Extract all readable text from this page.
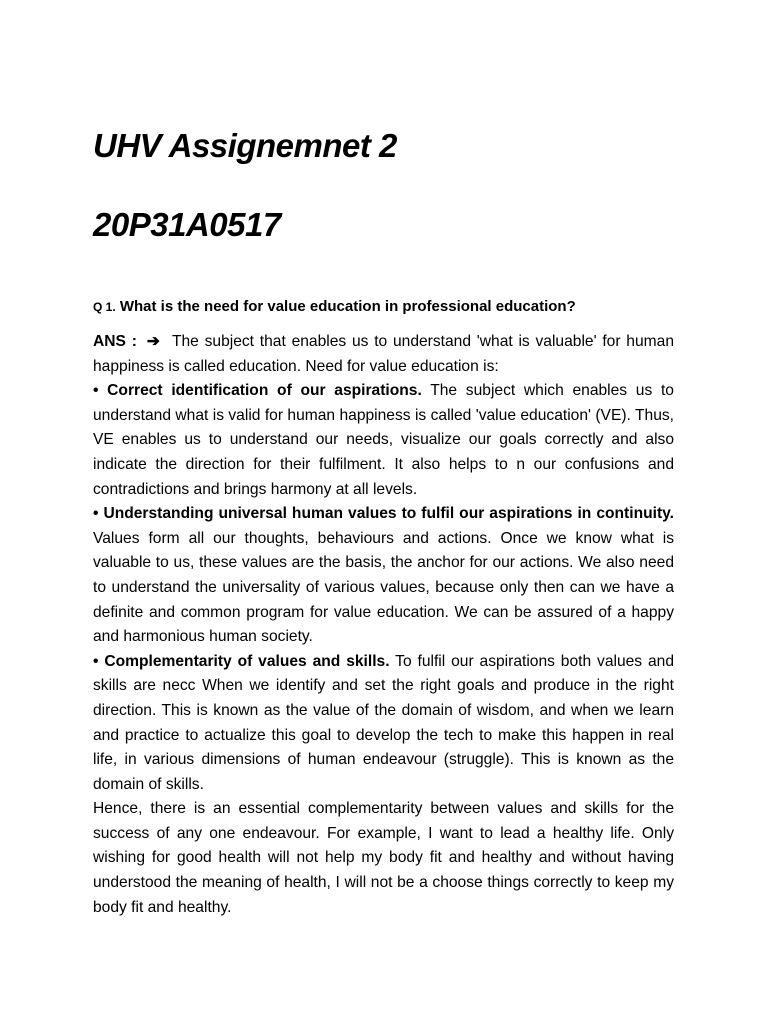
UHV Assignemnet 2
20P31A0517

Q 1. What is the need for value education in professional education?

ANS : ➔ The subject that enables us to understand 'what is valuable' for human happiness is called education. Need for value education is:

• Correct identification of our aspirations. The subject which enables us to understand what is valid for human happiness is called 'value education' (VE). Thus, VE enables us to understand our needs, visualize our goals correctly and also indicate the direction for their fulfilment. It also helps to n our confusions and contradictions and brings harmony at all levels.

• Understanding universal human values to fulfil our aspirations in continuity. Values form all our thoughts, behaviours and actions. Once we know what is valuable to us, these values are the basis, the anchor for our actions. We also need to understand the universality of various values, because only then can we have a definite and common program for value education. We can be assured of a happy and harmonious human society.

• Complementarity of values and skills. To fulfil our aspirations both values and skills are necc When we identify and set the right goals and produce in the right direction. This is known as the value of the domain of wisdom, and when we learn and practice to actualize this goal to develop the tech to make this happen in real life, in various dimensions of human endeavour (struggle). This is known as the domain of skills.

Hence, there is an essential complementarity between values and skills for the success of any one endeavour. For example, I want to lead a healthy life. Only wishing for good health will not help my body fit and healthy and without having understood the meaning of health, I will not be a choose things correctly to keep my body fit and healthy.
